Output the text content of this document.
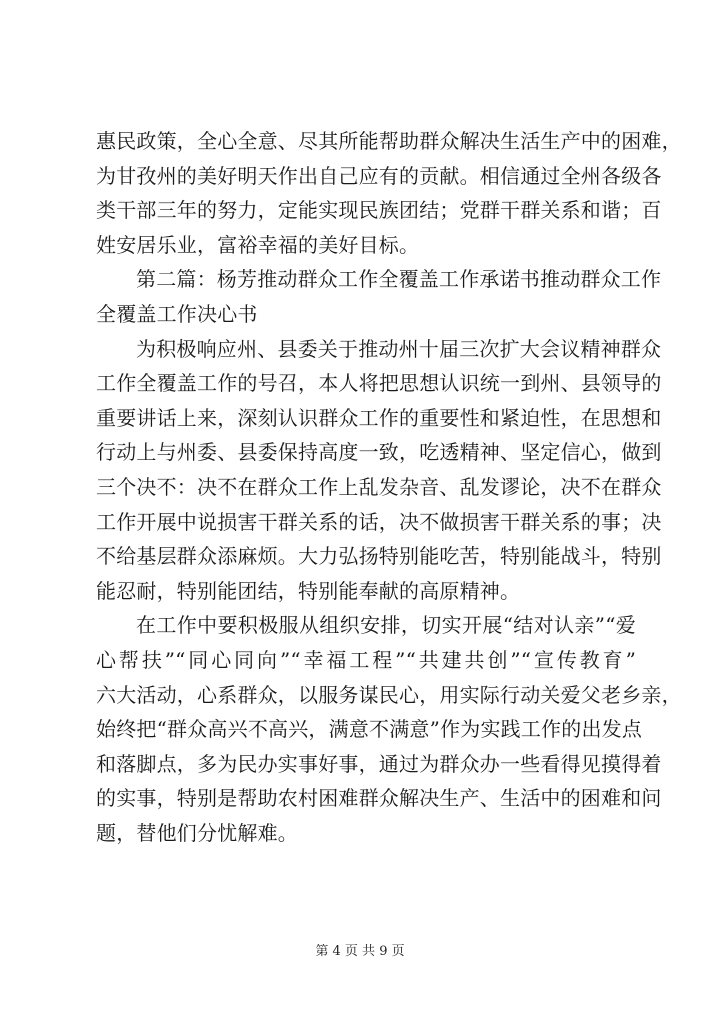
惠民政策，全心全意、尽其所能帮助群众解决生活生产中的困难，
为甘孜州的美好明天作出自己应有的贡献。相信通过全州各级各
类干部三年的努力，定能实现民族团结；党群干群关系和谐；百
姓安居乐业，富裕幸福的美好目标。

第二篇：杨芳推动群众工作全覆盖工作承诺书推动群众工作
全覆盖工作决心书

为积极响应州、县委关于推动州十届三次扩大会议精神群众
工作全覆盖工作的号召，本人将把思想认识统一到州、县领导的
重要讲话上来，深刻认识群众工作的重要性和紧迫性，在思想和
行动上与州委、县委保持高度一致，吃透精神、坚定信心，做到
三个决不：决不在群众工作上乱发杂音、乱发谬论，决不在群众
工作开展中说损害干群关系的话，决不做损害干群关系的事；决
不给基层群众添麻烦。大力弘扬特别能吃苦，特别能战斗，特别
能忍耐，特别能团结，特别能奉献的高原精神。

在工作中要积极服从组织安排，切实开展“结对认亲”“爱
心帮扶”“同心同向”“幸福工程”“共建共创”“宣传教育”
六大活动，心系群众，以服务谋民心，用实际行动关爱父老乡亲，
始终把“群众高兴不高兴，满意不满意”作为实践工作的出发点
和落脚点，多为民办实事好事，通过为群众办一些看得见摸得着
的实事，特别是帮助农村困难群众解决生产、生活中的困难和问
题，替他们分忧解难。

第 4 页 共 9 页
